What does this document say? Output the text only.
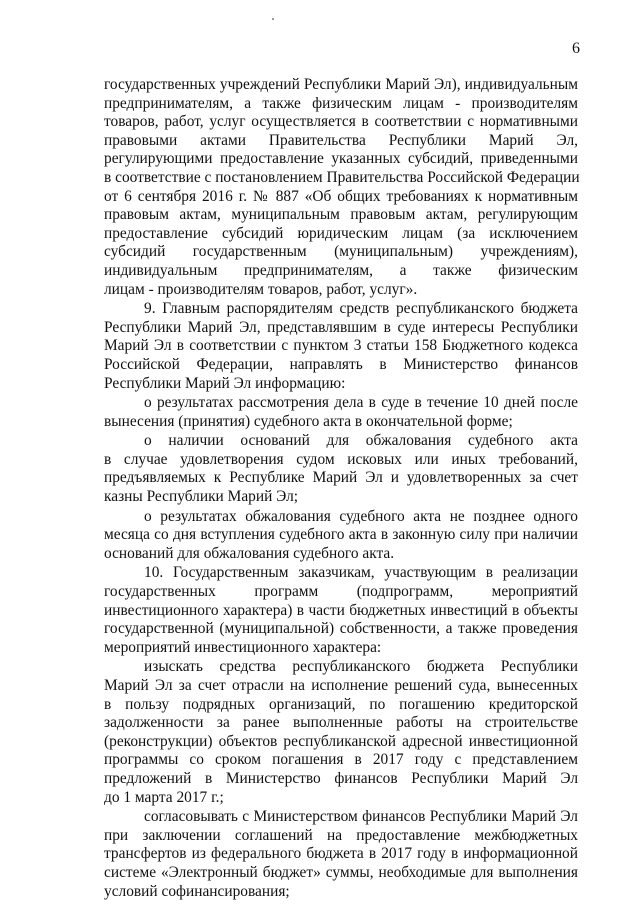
6
государственных учреждений Республики Марий Эл), индивидуальным
предпринимателям, а также физическим лицам - производителям
товаров, работ, услуг осуществляется в соответствии с нормативными
правовыми актами Правительства Республики Марий Эл,
регулирующими предоставление указанных субсидий, приведенными
в соответствие с постановлением Правительства Российской Федерации
от 6 сентября 2016 г. № 887 «Об общих требованиях к нормативным
правовым актам, муниципальным правовым актам, регулирующим
предоставление субсидий юридическим лицам (за исключением
субсидий государственным (муниципальным) учреждениям),
индивидуальным предпринимателям, а также физическим
лицам - производителям товаров, работ, услуг».
9. Главным распорядителям средств республиканского бюджета
Республики Марий Эл, представлявшим в суде интересы Республики
Марий Эл в соответствии с пунктом 3 статьи 158 Бюджетного кодекса
Российской Федерации, направлять в Министерство финансов
Республики Марий Эл информацию:
о результатах рассмотрения дела в суде в течение 10 дней после
вынесения (принятия) судебного акта в окончательной форме;
о наличии оснований для обжалования судебного акта
в случае удовлетворения судом исковых или иных требований,
предъявляемых к Республике Марий Эл и удовлетворенных за счет
казны Республики Марий Эл;
о результатах обжалования судебного акта не позднее одного
месяца со дня вступления судебного акта в законную силу при наличии
оснований для обжалования судебного акта.
10. Государственным заказчикам, участвующим в реализации
государственных программ (подпрограмм, мероприятий
инвестиционного характера) в части бюджетных инвестиций в объекты
государственной (муниципальной) собственности, а также проведения
мероприятий инвестиционного характера:
изыскать средства республиканского бюджета Республики
Марий Эл за счет отрасли на исполнение решений суда, вынесенных
в пользу подрядных организаций, по погашению кредиторской
задолженности за ранее выполненные работы на строительстве
(реконструкции) объектов республиканской адресной инвестиционной
программы со сроком погашения в 2017 году с представлением
предложений в Министерство финансов Республики Марий Эл
до 1 марта 2017 г.;
согласовывать с Министерством финансов Республики Марий Эл
при заключении соглашений на предоставление межбюджетных
трансфертов из федерального бюджета в 2017 году в информационной
системе «Электронный бюджет» суммы, необходимые для выполнения
условий софинансирования;
